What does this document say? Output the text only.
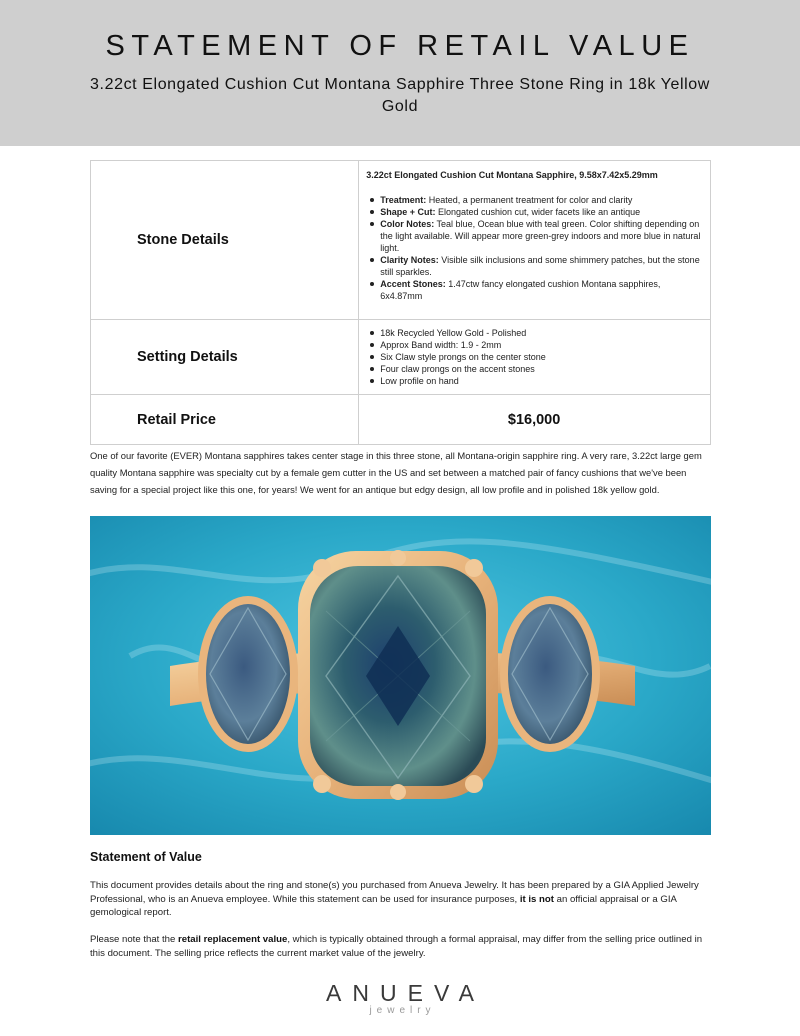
STATEMENT OF RETAIL VALUE
3.22ct Elongated Cushion Cut Montana Sapphire Three Stone Ring in 18k Yellow Gold
Stone Details
3.22ct Elongated Cushion Cut Montana Sapphire, 9.58x7.42x5.29mm
Treatment: Heated, a permanent treatment for color and clarity
Shape + Cut: Elongated cushion cut, wider facets like an antique
Color Notes: Teal blue, Ocean blue with teal green. Color shifting depending on the light available. Will appear more green-grey indoors and more blue in natural light.
Clarity Notes: Visible silk inclusions and some shimmery patches, but the stone still sparkles.
Accent Stones: 1.47ctw fancy elongated cushion Montana sapphires, 6x4.87mm
Setting Details
18k Recycled Yellow Gold - Polished
Approx Band width: 1.9 - 2mm
Six Claw style prongs on the center stone
Four claw prongs on the accent stones
Low profile on hand
Retail Price	$16,000
One of our favorite (EVER) Montana sapphires takes center stage in this three stone, all Montana-origin sapphire ring. A very rare, 3.22ct large gem quality Montana sapphire was specialty cut by a female gem cutter in the US and set between a matched pair of fancy cushions that we've been saving for a special project like this one, for years! We went for an antique but edgy design, all low profile and in polished 18k yellow gold.
Statement of Value
This document provides details about the ring and stone(s) you purchased from Anueva Jewelry. It has been prepared by a GIA Applied Jewelry Professional, who is an Anueva employee. While this statement can be used for insurance purposes, it is not an official appraisal or a GIA gemological report.
Please note that the retail replacement value, which is typically obtained through a formal appraisal, may differ from the selling price outlined in this document. The selling price reflects the current market value of the jewelry.
ANUEVA
jewelry
